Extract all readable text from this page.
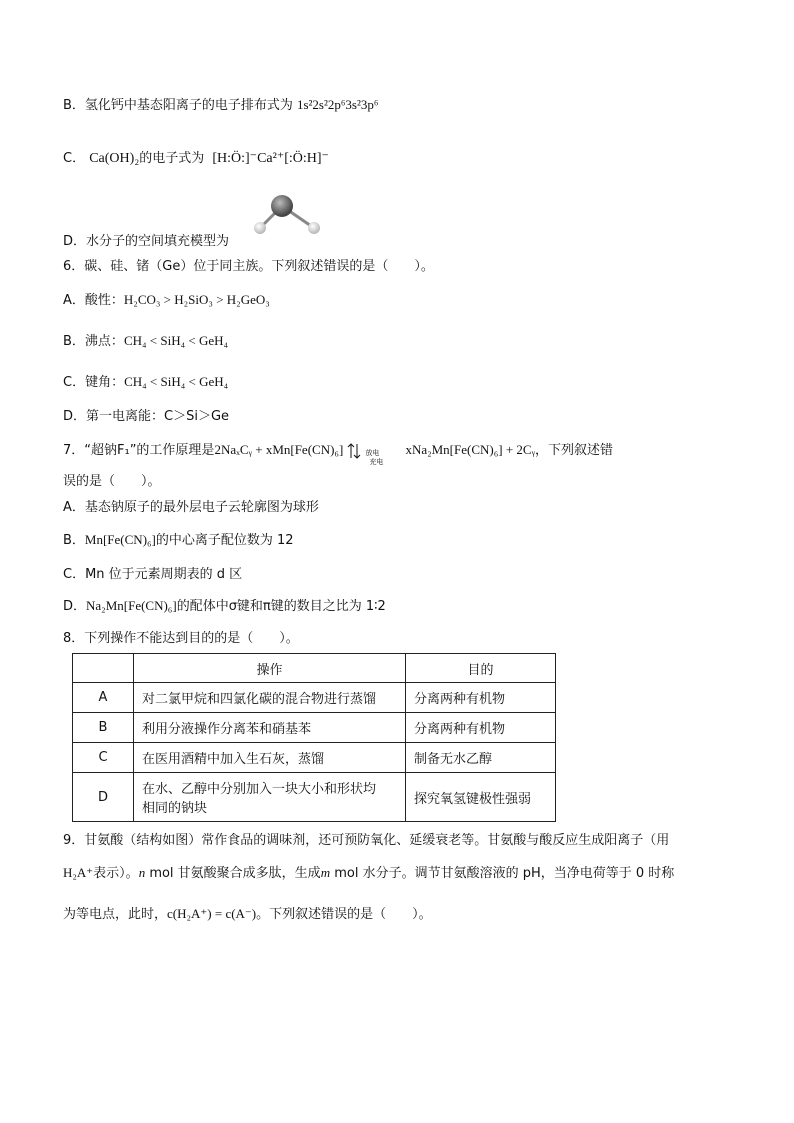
B．氢化钙中基态阳离子的电子排布式为 1s²2s²2p⁶3s²3p⁶
C． Ca(OH)₂的电子式为 [H:Ö:]⁻Ca²⁺[:Ö:H]⁻
D．水分子的空间填充模型为
6．碳、硅、锗（Ge）位于同主族。下列叙述错误的是（　　）。
A．酸性：H₂CO₃ > H₂SiO₃ > H₂GeO₃
B．沸点：CH₄ < SiH₄ < GeH₄
C．键角：CH₄ < SiH₄ < GeH₄
D．第一电离能：C＞Si＞Ge
7．“超钠F₁”的工作原理是2NaₓCᵧ + xMn[Fe(CN)₆]	放电
充电
xNa₂Mn[Fe(CN)₆] + 2Cᵧ，下列叙述错
误的是（　　）。
A．基态钠原子的最外层电子云轮廓图为球形
B．Mn[Fe(CN)₆]的中心离子配位数为 12
C．Mn 位于元素周期表的 d 区
D．Na₂Mn[Fe(CN)₆]的配体中σ键和π键的数目之比为 1∶2
8．下列操作不能达到目的的是（　　）。
	操作	目的
A	对二氯甲烷和四氯化碳的混合物进行蒸馏	分离两种有机物
B	利用分液操作分离苯和硝基苯	分离两种有机物
C	在医用酒精中加入生石灰，蒸馏	制备无水乙醇
D	在水、乙醇中分别加入一块大小和形状均
相同的钠块	探究氧氢键极性强弱
9．甘氨酸（结构如图）常作食品的调味剂，还可预防氧化、延缓衰老等。甘氨酸与酸反应生成阳离子（用
H₂A⁺表示）。n mol 甘氨酸聚合成多肽，生成m mol 水分子。调节甘氨酸溶液的 pH，当净电荷等于 0 时称
为等电点，此时，c(H₂A⁺) = c(A⁻)。下列叙述错误的是（　　）。
